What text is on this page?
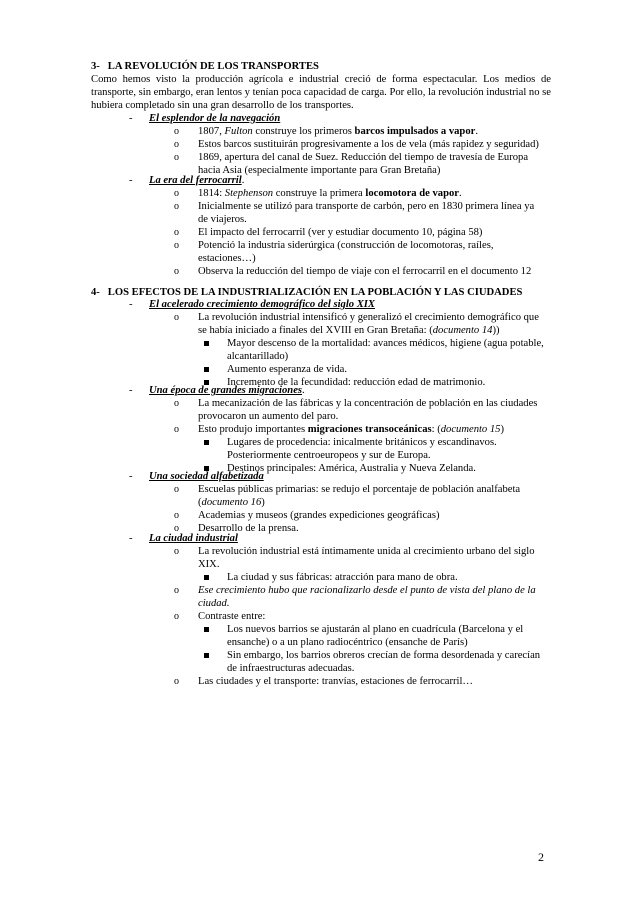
3- LA REVOLUCIÓN DE LOS TRANSPORTES
Como hemos visto la producción agrícola e industrial creció de forma espectacular. Los medios de transporte, sin embargo, eran lentos y tenían poca capacidad de carga. Por ello, la revolución industrial no se hubiera completado sin una gran desarrollo de los transportes.
- El esplendor de la navegación
o 1807, Fulton construye los primeros barcos impulsados a vapor.
o Estos barcos sustituirán progresivamente a los de vela (más rapidez y seguridad)
o 1869, apertura del canal de Suez. Reducción del tiempo de travesía de Europa
hacia Asia (especialmente importante para Gran Bretaña)
- La era del ferrocarril.
o 1814: Stephenson construye la primera locomotora de vapor.
o Inicialmente se utilizó para transporte de carbón, pero en 1830 primera línea ya
de viajeros.
o El impacto del ferrocarril (ver y estudiar documento 10, página 58)
o Potenció la industria siderúrgica (construcción de locomotoras, raíles,
estaciones…)
o Observa la reducción del tiempo de viaje con el ferrocarril en el documento 12
4- LOS EFECTOS DE LA INDUSTRIALIZACIÓN EN LA POBLACIÓN Y LAS CIUDADES
- El acelerado crecimiento demográfico del siglo XIX
o La revolución industrial intensificó y generalizó el crecimiento demográfico que
se había iniciado a finales del XVIII en Gran Bretaña: (documento 14))
Mayor descenso de la mortalidad: avances médicos, higiene (agua potable,
alcantarillado)
Aumento esperanza de vida.
Incremento de la fecundidad: reducción edad de matrimonio.
- Una época de grandes migraciones.
o La mecanización de las fábricas y la concentración de población en las ciudades
provocaron un aumento del paro.
o Esto produjo importantes migraciones transoceánicas: (documento 15)
Lugares de procedencia: inicalmente británicos y escandinavos.
Posteriormente centroeuropeos y sur de Europa.
Destinos principales: América, Australia y Nueva Zelanda.
- Una sociedad alfabetizada
o Escuelas públicas primarias: se redujo el porcentaje de población analfabeta
(documento 16)
o Academias y museos (grandes expediciones geográficas)
o Desarrollo de la prensa.
- La ciudad industrial
o La revolución industrial está íntimamente unida al crecimiento urbano del siglo
XIX.
La ciudad y sus fábricas: atracción para mano de obra.
o Ese crecimiento hubo que racionalizarlo desde el punto de vista del plano de la
ciudad.
o Contraste entre:
Los nuevos barrios se ajustarán al plano en cuadrícula (Barcelona y el
ensanche) o a un plano radiocéntrico (ensanche de París)
Sin embargo, los barrios obreros crecían de forma desordenada y carecían
de infraestructuras adecuadas.
o Las ciudades y el transporte: tranvías, estaciones de ferrocarril…
2
